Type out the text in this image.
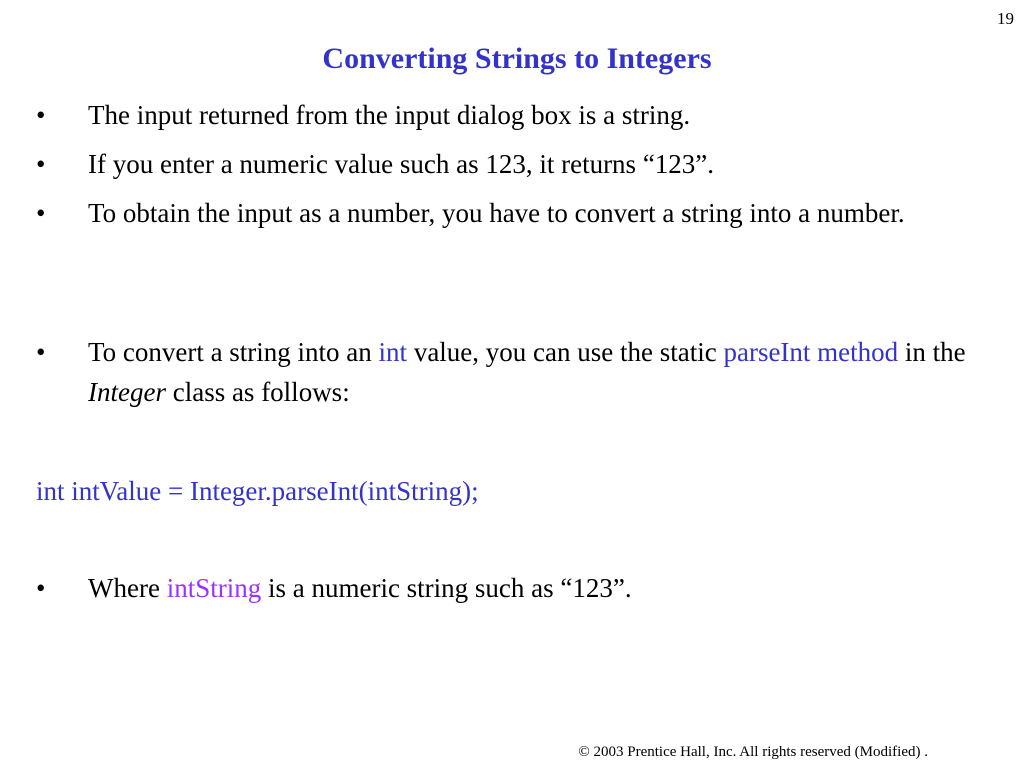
19
Converting Strings to Integers
• The input returned from the input dialog box is a string.
• If you enter a numeric value such as 123, it returns “123”.
• To obtain the input as a number, you have to convert a string into a number.
• To convert a string into an int value, you can use the static parseInt method in the Integer class as follows:
int intValue = Integer.parseInt(intString);
• Where intString is a numeric string such as “123”.
© 2003 Prentice Hall, Inc. All rights reserved (Modified) .
